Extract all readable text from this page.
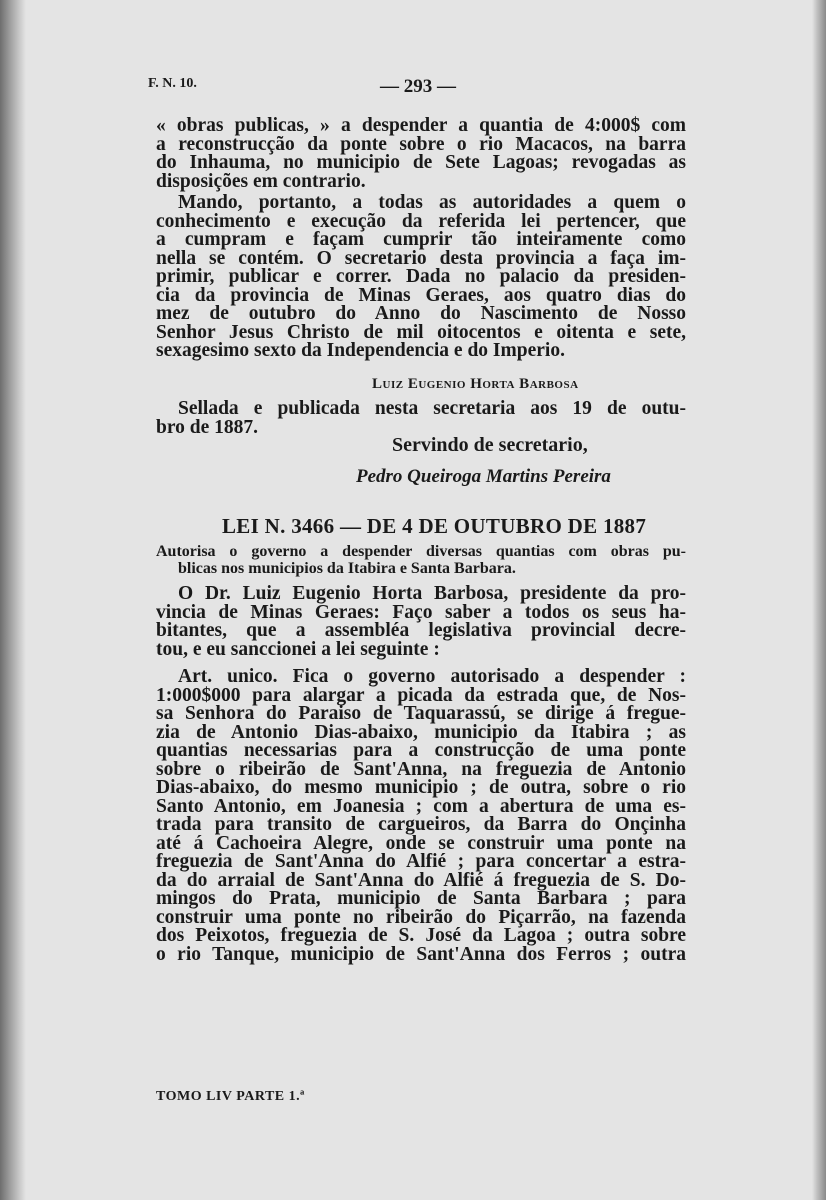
F. N. 10.	— 293 —
« obras publicas, » a despender a quantia de 4:000$ com
a reconstrucção da ponte sobre o rio Macacos, na barra
do Inhauma, no municipio de Sete Lagoas; revogadas as
disposições em contrario.
Mando, portanto, a todas as autoridades a quem o
conhecimento e execução da referida lei pertencer, que
a cumpram e façam cumprir tão inteiramente como
nella se contém. O secretario desta provincia a faça im-
primir, publicar e correr. Dada no palacio da presiden-
cia da provincia de Minas Geraes, aos quatro dias do
mez de outubro do Anno do Nascimento de Nosso
Senhor Jesus Christo de mil oitocentos e oitenta e sete,
sexagesimo sexto da Independencia e do Imperio.
Luiz Eugenio Horta Barbosa
Sellada e publicada nesta secretaria aos 19 de outu-
bro de 1887.
Servindo de secretario,
Pedro Queiroga Martins Pereira
LEI N. 3466 — DE 4 DE OUTUBRO DE 1887
Autorisa o governo a despender diversas quantias com obras pu-
blicas nos municipios da Itabira e Santa Barbara.
O Dr. Luiz Eugenio Horta Barbosa, presidente da pro-
vincia de Minas Geraes: Faço saber a todos os seus ha-
bitantes, que a assembléa legislativa provincial decre-
tou, e eu sanccionei a lei seguinte :
Art. unico. Fica o governo autorisado a despender :
1:000$000 para alargar a picada da estrada que, de Nos-
sa Senhora do Paraiso de Taquarassú, se dirige á fregue-
zia de Antonio Dias-abaixo, municipio da Itabira ; as
quantias necessarias para a construcção de uma ponte
sobre o ribeirão de Sant'Anna, na freguezia de Antonio
Dias-abaixo, do mesmo municipio ; de outra, sobre o rio
Santo Antonio, em Joanesia ; com a abertura de uma es-
trada para transito de cargueiros, da Barra do Onçinha
até á Cachoeira Alegre, onde se construir uma ponte na
freguezia de Sant'Anna do Alfié ; para concertar a estra-
da do arraial de Sant'Anna do Alfié á freguezia de S. Do-
mingos do Prata, municipio de Santa Barbara ; para
construir uma ponte no ribeirão do Piçarrão, na fazenda
dos Peixotos, freguezia de S. José da Lagoa ; outra sobre
o rio Tanque, municipio de Sant'Anna dos Ferros ; outra
TOMO LIV PARTE 1.ª
